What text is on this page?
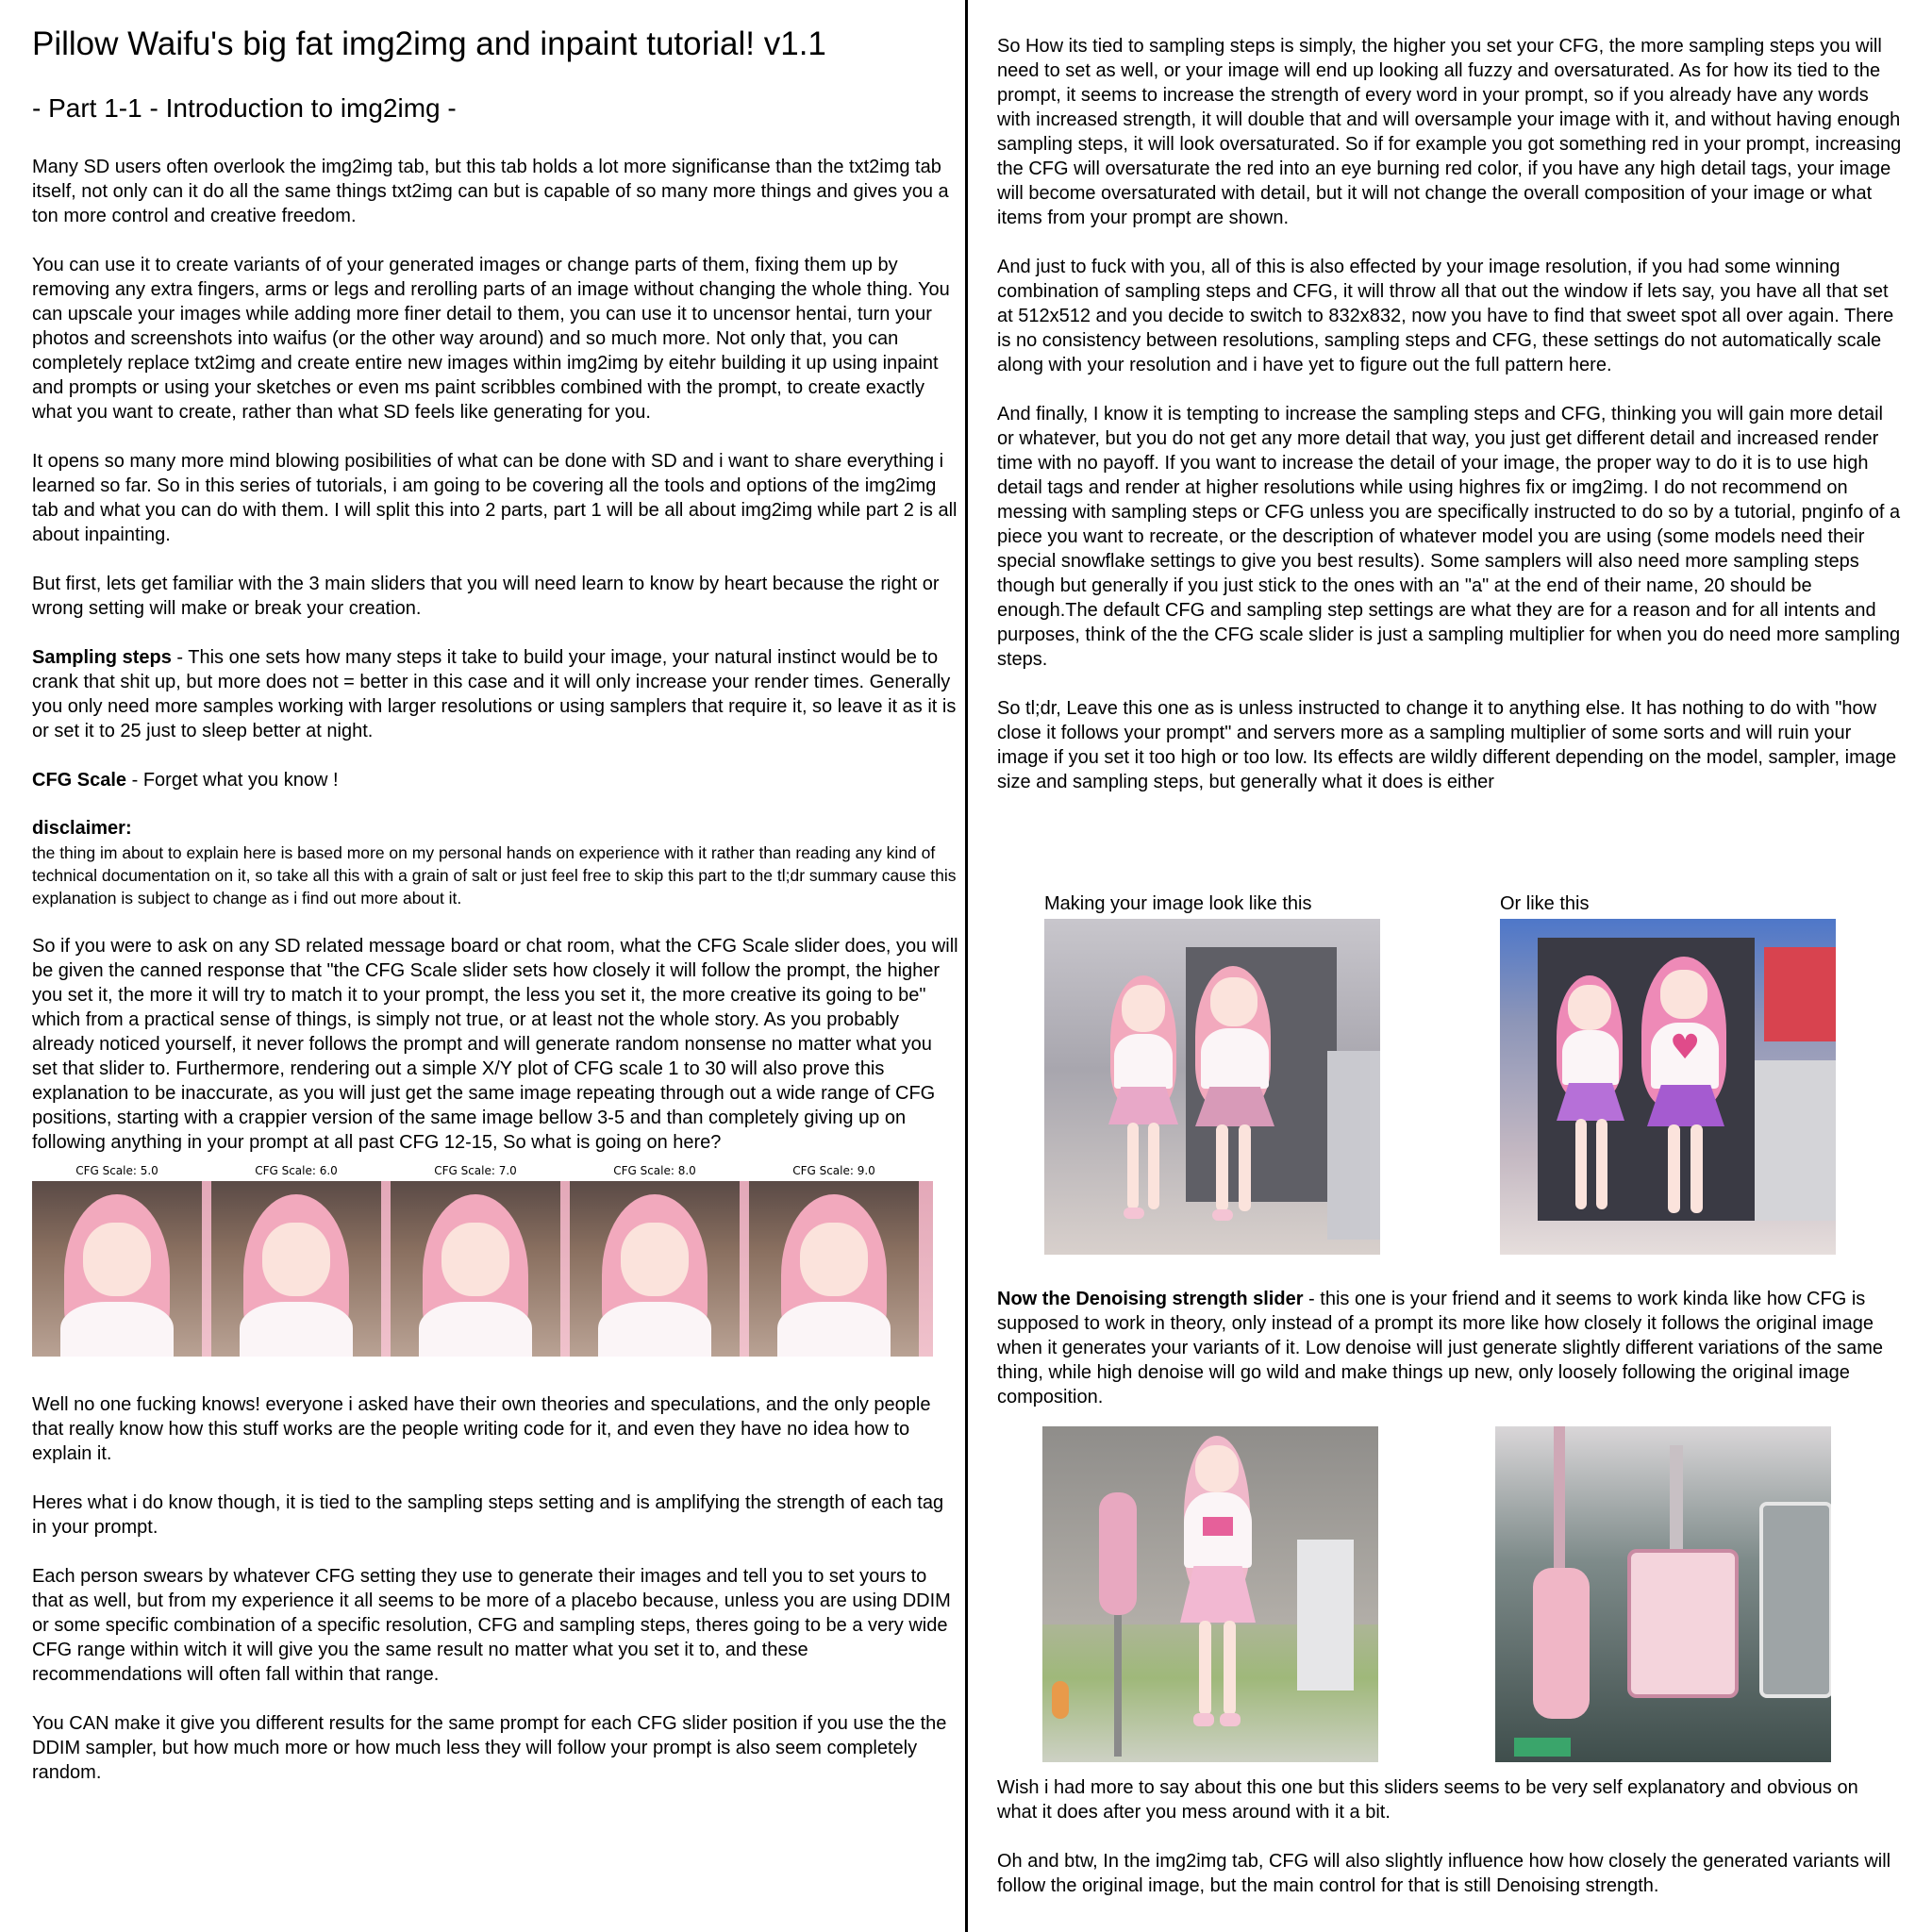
Pillow Waifu's big fat img2img and inpaint tutorial! v1.1
- Part 1-1 - Introduction to img2img -

Many SD users often overlook the img2img tab, but this tab holds a lot more significanse than the txt2img tab itself, not only can it do all the same things txt2img can but is capable of so many more things and gives you a ton more control and creative freedom.

You can use it to create variants of of your generated images or change parts of them, fixing them up by removing any extra fingers, arms or legs and rerolling parts of an image without changing the whole thing. You can upscale your images while adding more finer detail to them, you can use it to uncensor hentai, turn your photos and screenshots into waifus (or the other way around) and so much more. Not only that, you can completely replace txt2img and create entire new images within img2img by eitehr building it up using inpaint and prompts or using your sketches or even ms paint scribbles combined with the prompt, to create exactly what you want to create, rather than what SD feels like generating for you.

It opens so many more mind blowing posibilities of what can be done with SD and i want to share everything i learned so far. So in this series of tutorials, i am going to be covering all the tools and options of the img2img tab and what you can do with them. I will split this into 2 parts, part 1 will be all about img2img while part 2 is all about inpainting.

But first, lets get familiar with the 3 main sliders that you will need learn to know by heart because the right or wrong setting will make or break your creation.

Sampling steps - This one sets how many steps it take to build your image, your natural instinct would be to crank that shit up, but more does not = better in this case and it will only increase your render times. Generally you only need more samples working with larger resolutions or using samplers that require it, so leave it as it is or set it to 25 just to sleep better at night.

CFG Scale - Forget what you know !

disclaimer:

the thing im about to explain here is based more on my personal hands on experience with it rather than reading any kind of technical documentation on it, so take all this with a grain of salt or just feel free to skip this part to the tl;dr summary cause this explanation is subject to change as i find out more about it.

So if you were to ask on any SD related message board or chat room, what the CFG Scale slider does, you will be given the canned response that "the CFG Scale slider sets how closely it will follow the prompt, the higher you set it, the more it will try to match it to your prompt, the less you set it, the more creative its going to be" which from a practical sense of things, is simply not true, or at least not the whole story. As you probably already noticed yourself, it never follows the prompt and will generate random nonsense no matter what you set that slider to. Furthermore, rendering out a simple X/Y plot of CFG scale 1 to 30 will also prove this explanation to be inaccurate, as you will just get the same image repeating through out a wide range of CFG positions, starting with a crappier version of the same image bellow 3-5 and than completely giving up on following anything in your prompt at all past CFG 12-15, So what is going on here?

CFG Scale: 5.0	CFG Scale: 6.0	CFG Scale: 7.0	CFG Scale: 8.0	CFG Scale: 9.0

Well no one fucking knows! everyone i asked have their own theories and speculations, and the only people that really know how this stuff works are the people writing code for it, and even they have no idea how to explain it.

Heres what i do know though, it is tied to the sampling steps setting and is amplifying the strength of each tag in your prompt.

Each person swears by whatever CFG setting they use to generate their images and tell you to set yours to that as well, but from my experience it all seems to be more of a placebo because, unless you are using DDIM or some specific combination of a specific resolution, CFG and sampling steps, theres going to be a very wide CFG range within witch it will give you the same result no matter what you set it to, and these recommendations will often fall within that range.

You CAN make it give you different results for the same prompt for each CFG slider position if you use the the DDIM sampler, but how much more or how much less they will follow your prompt is also seem completely random.

So How its tied to sampling steps is simply, the higher you set your CFG, the more sampling steps you will need to set as well, or your image will end up looking all fuzzy and oversaturated. As for how its tied to the prompt, it seems to increase the strength of every word in your prompt, so if you already have any words with increased strength, it will double that and will oversample your image with it, and without having enough sampling steps, it will look oversaturated. So if for example you got something red in your prompt, increasing the CFG will oversaturate the red into an eye burning red color, if you have any high detail tags, your image will become oversaturated with detail, but it will not change the overall composition of your image or what items from your prompt are shown.

And just to fuck with you, all of this is also effected by your image resolution, if you had some winning combination of sampling steps and CFG, it will throw all that out the window if lets say, you have all that set at 512x512 and you decide to switch to 832x832, now you have to find that sweet spot all over again. There is no consistency between resolutions, sampling steps and CFG, these settings do not automatically scale along with your resolution and i have yet to figure out the full pattern here.

And finally, I know it is tempting to increase the sampling steps and CFG, thinking you will gain more detail or whatever, but you do not get any more detail that way, you just get different detail and increased render time with no payoff. If you want to increase the detail of your image, the proper way to do it is to use high detail tags and render at higher resolutions while using highres fix or img2img. I do not recommend on messing with sampling steps or CFG unless you are specifically instructed to do so by a tutorial, pnginfo of a piece you want to recreate, or the description of whatever model you are using (some models need their special snowflake settings to give you best results). Some samplers will also need more sampling steps though but generally if you just stick to the ones with an "a" at the end of their name, 20 should be enough.The default CFG and sampling step settings are what they are for a reason and for all intents and purposes, think of the the CFG scale slider is just a sampling multiplier for when you do need more sampling steps.

So tl;dr, Leave this one as is unless instructed to change it to anything else. It has nothing to do with "how close it follows your prompt" and servers more as a sampling multiplier of some sorts and will ruin your image if you set it too high or too low. Its effects are wildly different depending on the model, sampler, image size and sampling steps, but generally what it does is either

Making your image look like this	Or like this
♥

Now the Denoising strength slider - this one is your friend and it seems to work kinda like how CFG is supposed to work in theory, only instead of a prompt its more like how closely it follows the original image when it generates your variants of it. Low denoise will just generate slightly different variations of the same thing, while high denoise will go wild and make things up new, only loosely following the original image composition.

Wish i had more to say about this one but this sliders seems to be very self explanatory and obvious on what it does after you mess around with it a bit.

Oh and btw, In the img2img tab, CFG will also slightly influence how how closely the generated variants will follow the original image, but the main control for that is still Denoising strength.
